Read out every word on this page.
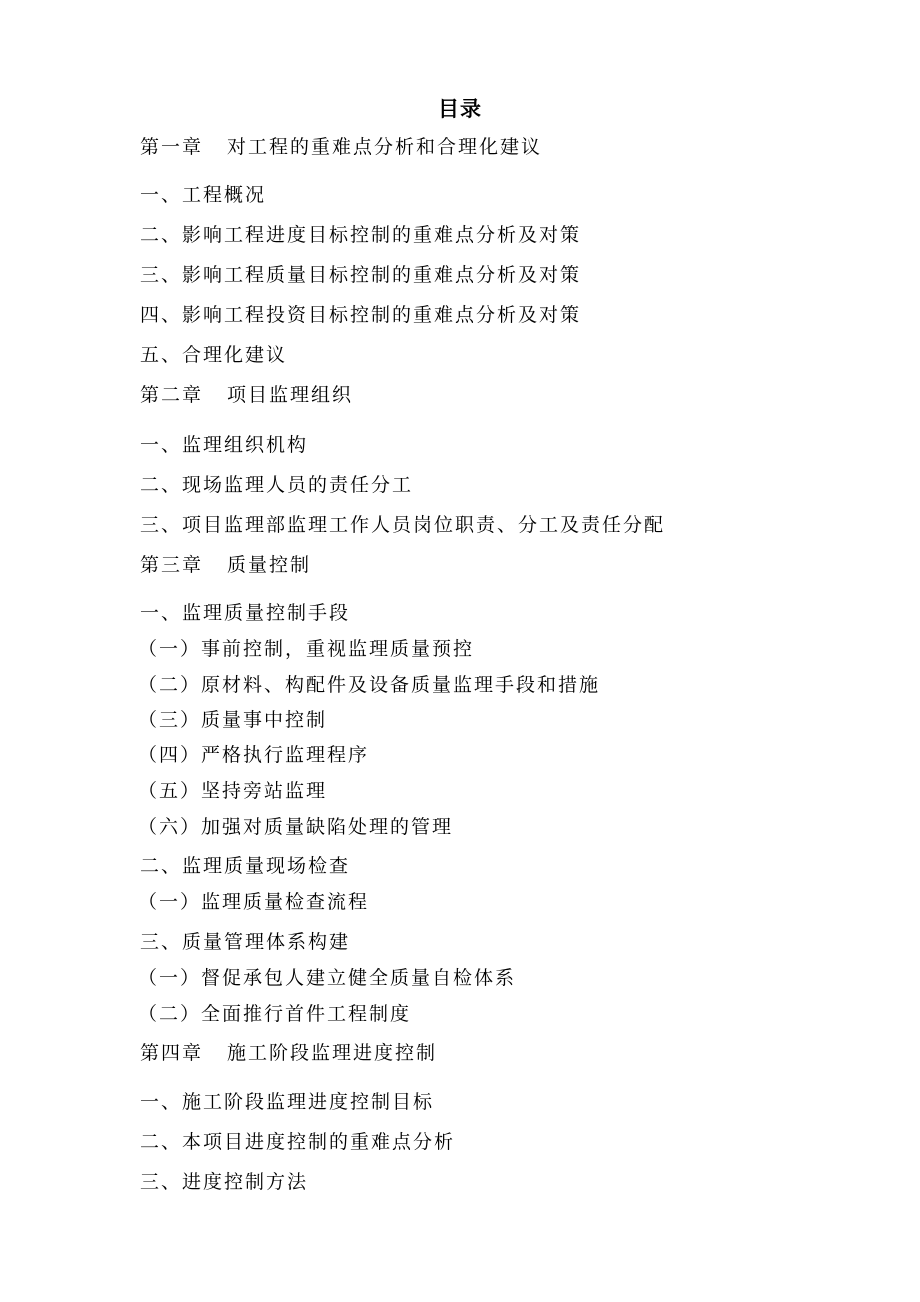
目录
第一章 对工程的重难点分析和合理化建议
一、工程概况
二、影响工程进度目标控制的重难点分析及对策
三、影响工程质量目标控制的重难点分析及对策
四、影响工程投资目标控制的重难点分析及对策
五、合理化建议
第二章 项目监理组织
一、监理组织机构
二、现场监理人员的责任分工
三、项目监理部监理工作人员岗位职责、分工及责任分配
第三章 质量控制
一、监理质量控制手段
（一）事前控制，重视监理质量预控
（二）原材料、构配件及设备质量监理手段和措施
（三）质量事中控制
（四）严格执行监理程序
（五）坚持旁站监理
（六）加强对质量缺陷处理的管理
二、监理质量现场检查
（一）监理质量检查流程
三、质量管理体系构建
（一）督促承包人建立健全质量自检体系
（二）全面推行首件工程制度
第四章 施工阶段监理进度控制
一、施工阶段监理进度控制目标
二、本项目进度控制的重难点分析
三、进度控制方法
